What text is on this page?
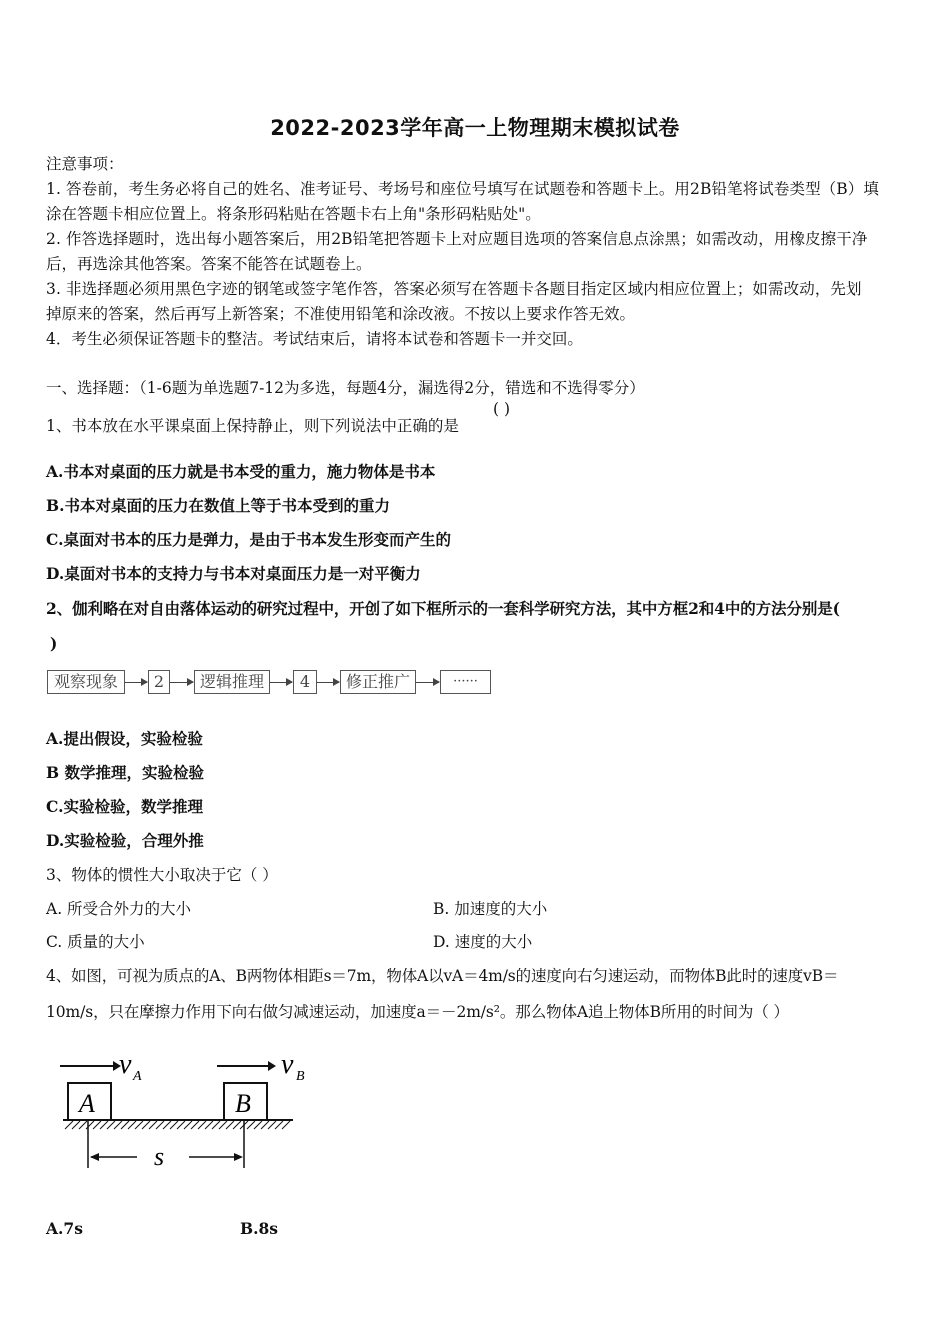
2022-2023学年高一上物理期末模拟试卷
注意事项：
1. 答卷前，考生务必将自己的姓名、准考证号、考场号和座位号填写在试题卷和答题卡上。用2B铅笔将试卷类型（B）填
涂在答题卡相应位置上。将条形码粘贴在答题卡右上角"条形码粘贴处"。
2. 作答选择题时，选出每小题答案后，用2B铅笔把答题卡上对应题目选项的答案信息点涂黑；如需改动，用橡皮擦干净
后，再选涂其他答案。答案不能答在试题卷上。
3. 非选择题必须用黑色字迹的钢笔或签字笔作答，答案必须写在答题卡各题目指定区域内相应位置上；如需改动，先划
掉原来的答案，然后再写上新答案；不准使用铅笔和涂改液。不按以上要求作答无效。
4．考生必须保证答题卡的整洁。考试结束后，请将本试卷和答题卡一并交回。
一、选择题：（1-6题为单选题7-12为多选，每题4分，漏选得2分，错选和不选得零分）
1、书本放在水平课桌面上保持静止，则下列说法中正确的是
( )
A.书本对桌面的压力就是书本受的重力，施力物体是书本
B.书本对桌面的压力在数值上等于书本受到的重力
C.桌面对书本的压力是弹力，是由于书本发生形变而产生的
D.桌面对书本的支持力与书本对桌面压力是一对平衡力
2、伽利略在对自由落体运动的研究过程中，开创了如下框所示的一套科学研究方法，其中方框2和4中的方法分别是(
)
观察现象	2	逻辑推理	4	修正推广	······
A.提出假设，实验检验
B 数学推理，实验检验
C.实验检验，数学推理
D.实验检验，合理外推
3、物体的惯性大小取决于它（ ）
A. 所受合外力的大小	B. 加速度的大小
C. 质量的大小	D. 速度的大小
4、如图，可视为质点的A、B两物体相距s＝7m，物体A以vA＝4m/s的速度向右匀速运动，而物体B此时的速度vB＝
10m/s，只在摩擦力作用下向右做匀减速运动，加速度a＝－2m/s²。那么物体A追上物体B所用的时间为（ ）
v A	v B
A	B
s
A.7s	B.8s
